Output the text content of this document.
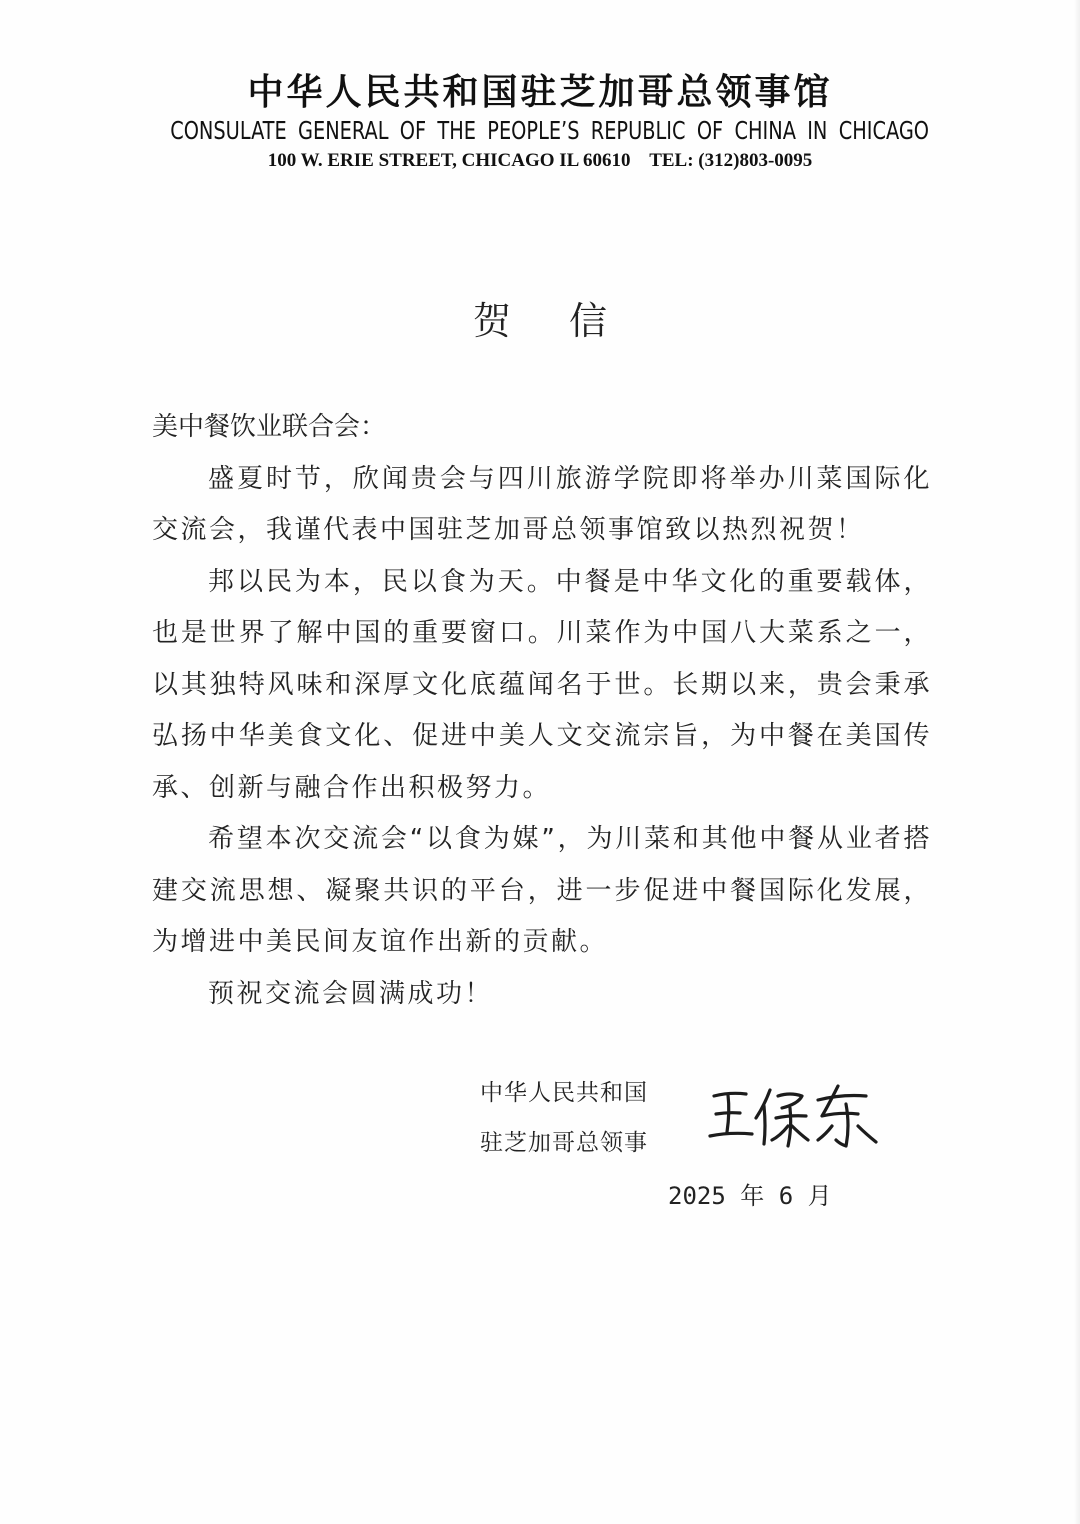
中华人民共和国驻芝加哥总领事馆
CONSULATE GENERAL OF THE PEOPLE’S REPUBLIC OF CHINA IN CHICAGO
100 W. ERIE STREET, CHICAGO IL 60610    TEL: (312)803-0095
贺信

美中餐饮业联合会：

盛夏时节，欣闻贵会与四川旅游学院即将举办川菜国际化交流会，我谨代表中国驻芝加哥总领事馆致以热烈祝贺！

邦以民为本，民以食为天。中餐是中华文化的重要载体，也是世界了解中国的重要窗口。川菜作为中国八大菜系之一，以其独特风味和深厚文化底蕴闻名于世。长期以来，贵会秉承弘扬中华美食文化、促进中美人文交流宗旨，为中餐在美国传承、创新与融合作出积极努力。

希望本次交流会“以食为媒”，为川菜和其他中餐从业者搭建交流思想、凝聚共识的平台，进一步促进中餐国际化发展，为增进中美民间友谊作出新的贡献。

预祝交流会圆满成功！

中华人民共和国
驻芝加哥总领事
2025 年 6 月
